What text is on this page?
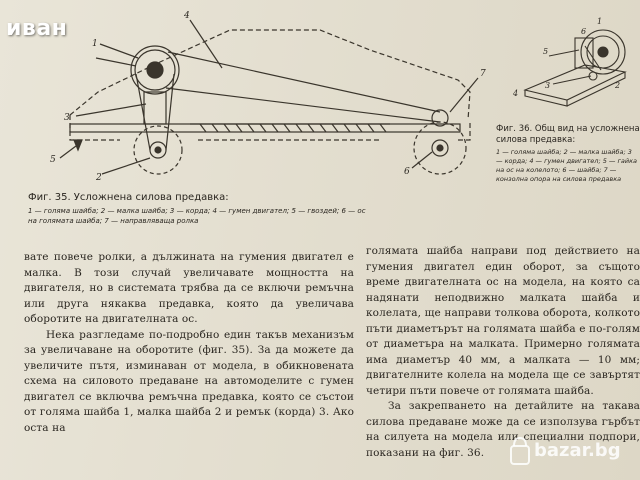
иван
1
2
3
4
5
6
7
Фиг. 35. Усложнена силова предавка:
1 — голяма шайба; 2 — малка шайба; 3 — корда; 4 — гумен двигател; 5 — гвоздей; 6 — ос на голямата шайба; 7 — направляваща ролка
5
6
1
2
3
4
Фиг. 36. Общ вид на усложнена силова предавка:
1 — голяма шайба; 2 — малка шайба; 3 — корда; 4 — гумен двигател; 5 — гайка на ос на колелото; 6 — шайба; 7 — конзолна опора на силова предавка

вате повече ролки, а дължината на гумения двигател е малка. В този случай увеличавате мощността на двигателя, но в системата трябва да се включи ремъчна или друга някаква предавка, която да увеличава оборотите на двигателната ос.

Нека разгледаме по-подробно един такъв механизъм за увеличаване на оборотите (фиг. 35). За да можете да увеличите пътя, изминаван от модела, в обикновената схема на силовото предаване на автомоделите с гумен двигател се включва ремъчна предавка, която се състои от голяма шайба 1, малка шайба 2 и ремък (корда) 3. Ако оста на

голямата шайба направи под действието на гумения двигател един оборот, за същото време двигателната ос на модела, на която са надянати неподвижно малката шайба и колелата, ще направи толкова оборота, колкото пъти диаметърът на голямата шайба е по-голям от диаметъра на малката. Примерно голямата има диаметър 40 мм, а малката — 10 мм; двигателните колела на модела ще се завъртят четири пъти повече от голямата шайба.

За закрепването на детайлите на такава силова предаване може да се използува гърбът на силуета на модела или специални подпори, показани на фиг. 36.	bazar.bg
